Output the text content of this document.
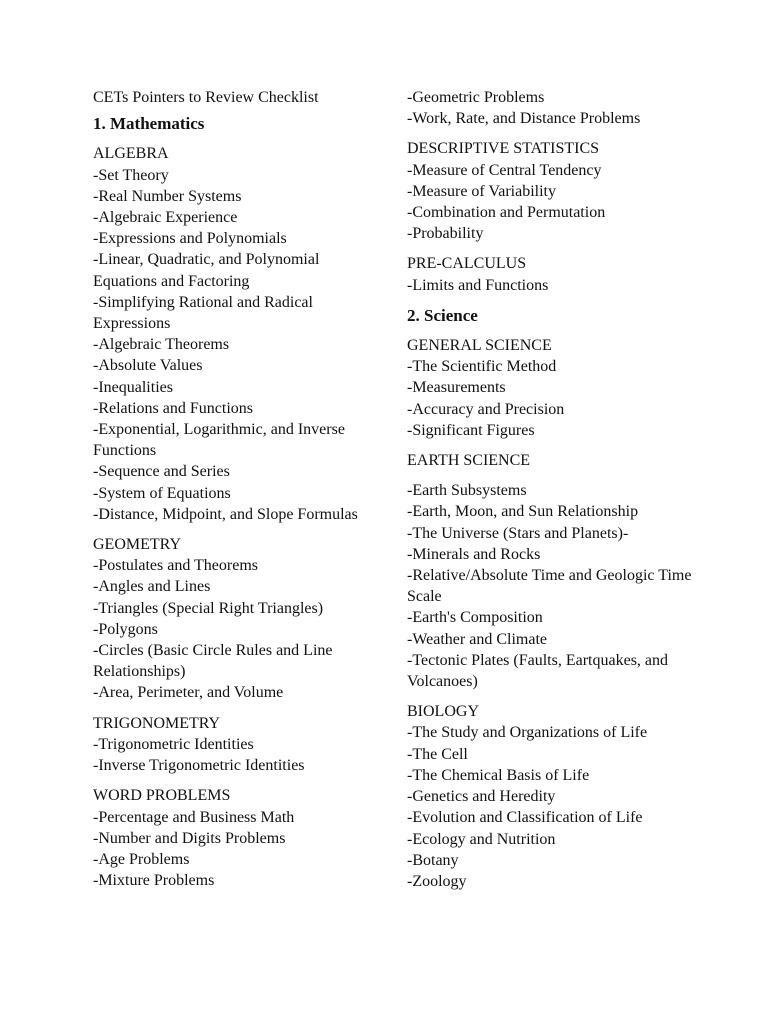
CETs Pointers to Review Checklist
1. Mathematics
ALGEBRA
-Set Theory
-Real Number Systems
-Algebraic Experience
-Expressions and Polynomials
-Linear, Quadratic, and Polynomial Equations and Factoring
-Simplifying Rational and Radical Expressions
-Algebraic Theorems
-Absolute Values
-Inequalities
-Relations and Functions
-Exponential, Logarithmic, and Inverse Functions
-Sequence and Series
-System of Equations
-Distance, Midpoint, and Slope Formulas
GEOMETRY
-Postulates and Theorems
-Angles and Lines
-Triangles (Special Right Triangles)
-Polygons
-Circles (Basic Circle Rules and Line Relationships)
-Area, Perimeter, and Volume
TRIGONOMETRY
-Trigonometric Identities
-Inverse Trigonometric Identities
WORD PROBLEMS
-Percentage and Business Math
-Number and Digits Problems
-Age Problems
-Mixture Problems
-Geometric Problems
-Work, Rate, and Distance Problems
DESCRIPTIVE STATISTICS
-Measure of Central Tendency
-Measure of Variability
-Combination and Permutation
-Probability
PRE-CALCULUS
-Limits and Functions
2. Science
GENERAL SCIENCE
-The Scientific Method
-Measurements
-Accuracy and Precision
-Significant Figures
EARTH SCIENCE
-Earth Subsystems
-Earth, Moon, and Sun Relationship
-The Universe (Stars and Planets)-
-Minerals and Rocks
-Relative/Absolute Time and Geologic Time Scale
-Earth's Composition
-Weather and Climate
-Tectonic Plates (Faults, Eartquakes, and Volcanoes)
BIOLOGY
-The Study and Organizations of Life
-The Cell
-The Chemical Basis of Life
-Genetics and Heredity
-Evolution and Classification of Life
-Ecology and Nutrition
-Botany
-Zoology
